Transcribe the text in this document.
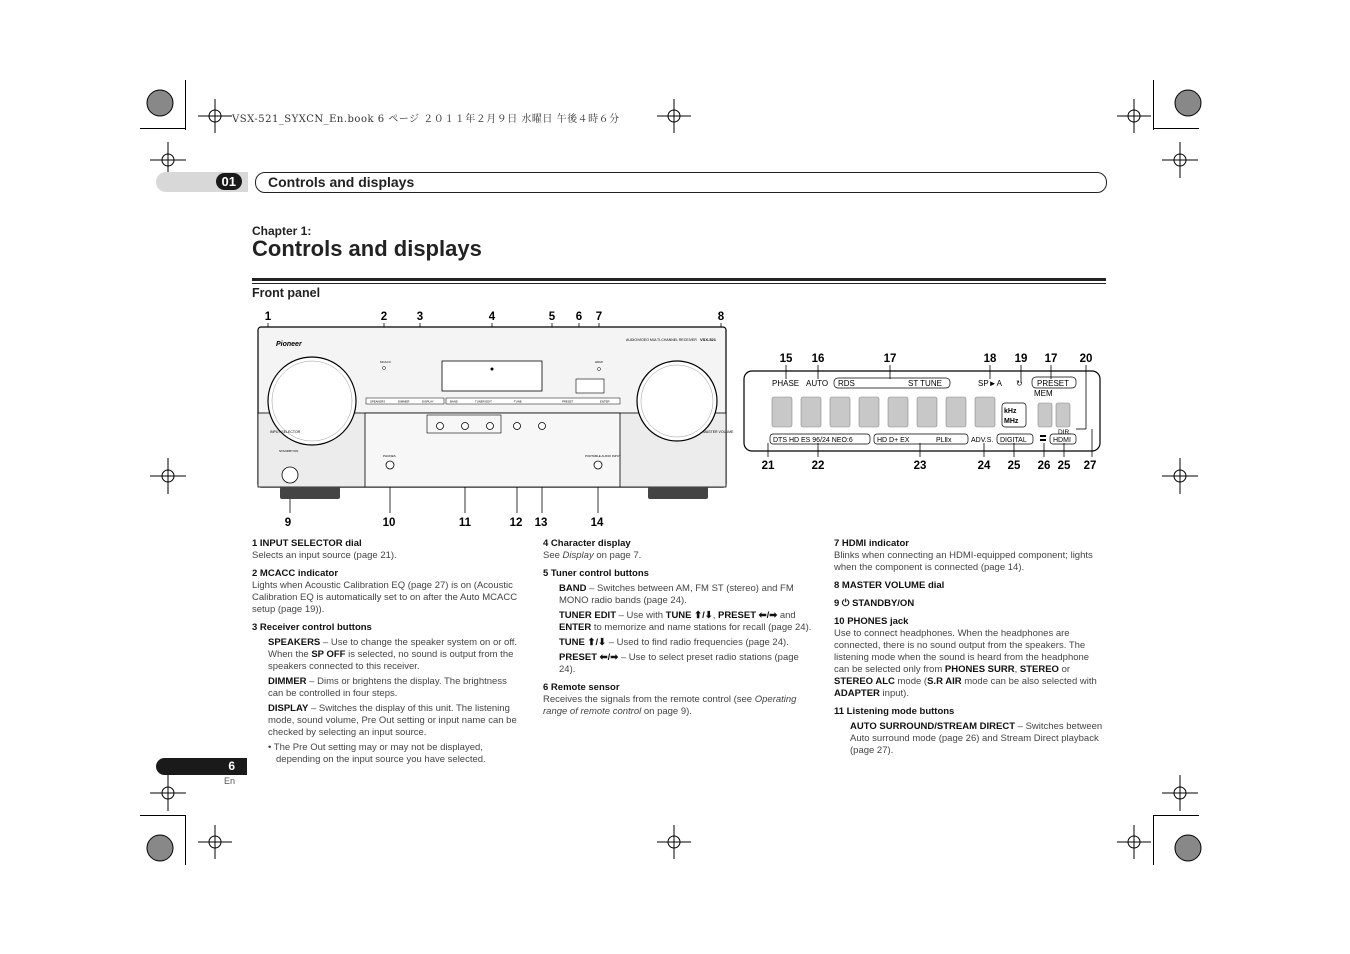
VSX-521_SYXCN_En.book 6 ページ ２０１１年２月９日 水曜日 午後４時６分
01	Controls and displays
Chapter 1:
Controls and displays
Front panel
Pioneer
AUDIO/VIDEO MULTI-CHANNEL RECEIVER VSX-521
INPUT SELECTOR	MASTER VOLUME
MCACC	HDMI
SPEAKERS	DIMMER	DISPLAY	BAND	TUNER EDIT	TUNE	PRESET	ENTER
STANDBY/ON
PHONES	PORTABLE AUDIO INPUT
1	2	3	4	5 6 7	8
9	10	11	12 13	14
PHASE AUTO RDS	ST TUNE	SP►A ↻ PRESET
MEM
kHz
MHz
DIR.
DTS HD ES 96/24 NEO:6	HD D+ EX	PLⅡx	ADV.S. DIGITAL	HDMI
15 16	17	18 19 17 20
21	22	23	24 25 26 25 27
1 INPUT SELECTOR dial
Selects an input source (page 21).
2 MCACC indicator
Lights when Acoustic Calibration EQ (page 27) is on (Acoustic Calibration EQ is automatically set to on after the Auto MCACC setup (page 19)).
3 Receiver control buttons
SPEAKERS – Use to change the speaker system on or off. When the SP OFF is selected, no sound is output from the speakers connected to this receiver.
DIMMER – Dims or brightens the display. The brightness can be controlled in four steps.
DISPLAY – Switches the display of this unit. The listening mode, sound volume, Pre Out setting or input name can be checked by selecting an input source.
• The Pre Out setting may or may not be displayed, depending on the input source you have selected.
4 Character display
See Display on page 7.
5 Tuner control buttons
BAND – Switches between AM, FM ST (stereo) and FM MONO radio bands (page 24).
TUNER EDIT – Use with TUNE ⬆/⬇, PRESET ⬅/➡ and ENTER to memorize and name stations for recall (page 24).
TUNE ⬆/⬇ – Used to find radio frequencies (page 24).
PRESET ⬅/➡ – Use to select preset radio stations (page 24).
6 Remote sensor
Receives the signals from the remote control (see Operating range of remote control on page 9).
7 HDMI indicator
Blinks when connecting an HDMI-equipped component; lights when the component is connected (page 14).
8 MASTER VOLUME dial
9 ⏻ STANDBY/ON
10 PHONES jack
Use to connect headphones. When the headphones are connected, there is no sound output from the speakers. The listening mode when the sound is heard from the headphone can be selected only from PHONES SURR, STEREO or STEREO ALC mode (S.R AIR mode can be also selected with ADAPTER input).
11 Listening mode buttons
AUTO SURROUND/STREAM DIRECT – Switches between Auto surround mode (page 26) and Stream Direct playback (page 27).
6
En
